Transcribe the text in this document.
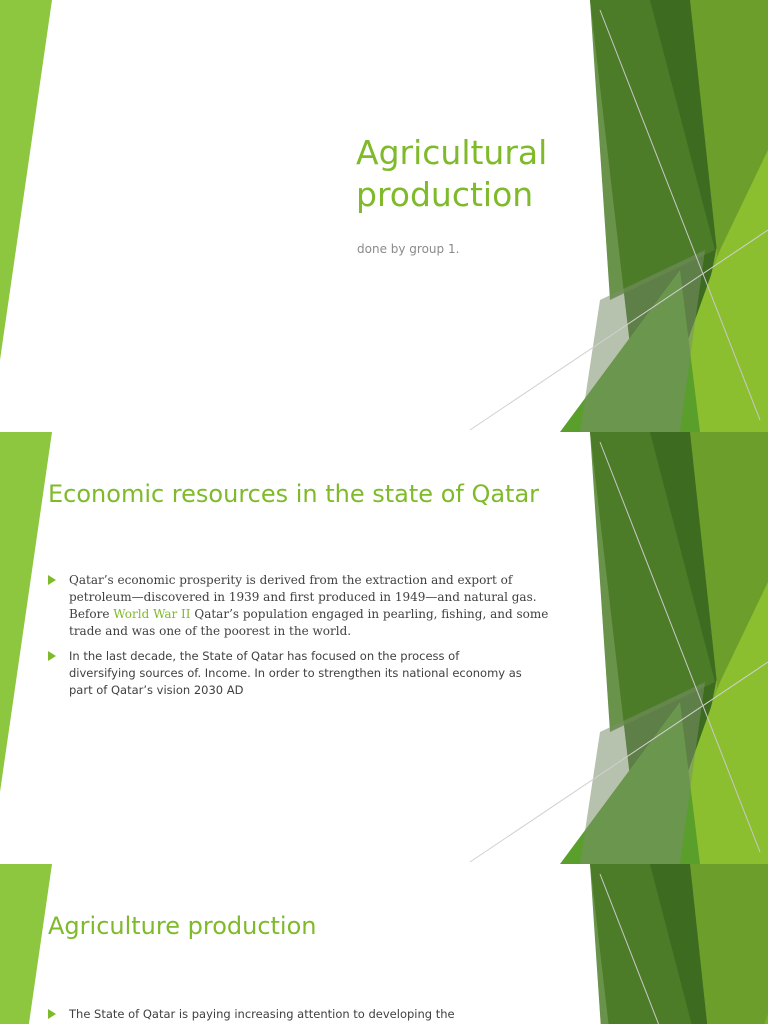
Agricultural
production
done by group 1.
Economic resources in the state of Qatar
Qatar’s economic prosperity is derived from the extraction and export of
petroleum—discovered in 1939 and first produced in 1949—and natural gas.
Before World War II Qatar’s population engaged in pearling, fishing, and some
trade and was one of the poorest in the world.
In the last decade, the State of Qatar has focused on the process of
diversifying sources of. Income. In order to strengthen its national economy as
part of Qatar’s vision 2030 AD
Agriculture production
The State of Qatar is paying increasing attention to developing the
